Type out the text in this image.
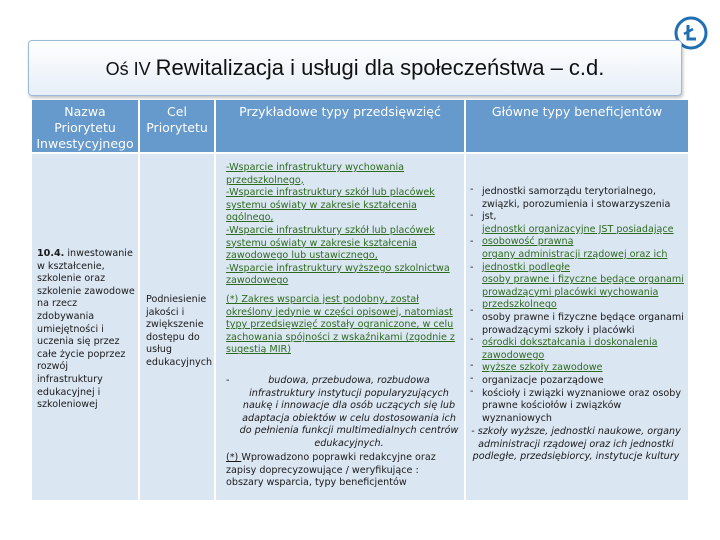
Oś IV Rewitalizacja i usługi dla społeczeństwa – c.d.
Nazwa Priorytetu Inwestycyjnego
Cel Priorytetu
Przykładowe typy przedsięwzięć	Główne typy beneficjentów
10.4. inwestowanie w kształcenie, szkolenie oraz szkolenie zawodowe na rzecz zdobywania umiejętności i uczenia się przez całe życie poprzez rozwój infrastruktury edukacyjnej i szkoleniowej
Podniesienie jakości i zwiększenie dostępu do usług edukacyjnych
-Wsparcie infrastruktury wychowania przedszkolnego,
-Wsparcie infrastruktury szkół lub placówek systemu oświaty w zakresie kształcenia ogólnego,
-Wsparcie infrastruktury szkół lub placówek systemu oświaty w zakresie kształcenia zawodowego lub ustawicznego,
-Wsparcie infrastruktury wyższego szkolnictwa zawodowego
(*) Zakres wsparcia jest podobny, został określony jedynie w części opisowej, natomiast typy przedsięwzięć zostały ograniczone, w celu zachowania spójności z wskaźnikami (zgodnie z sugestią MIR)
-	budowa, przebudowa, rozbudowa infrastruktury instytucji popularyzujących naukę i innowacje dla osób uczących się lub adaptacja obiektów w celu dostosowania ich do pełnienia funkcji multimedialnych centrów edukacyjnych.
(*) Wprowadzono poprawki redakcyjne oraz zapisy doprecyzowujące / weryfikujące : obszary wsparcia, typy beneficjentów
-
-
-
-
-
-
-
-
-
jednostki samorządu terytorialnego, związki, porozumienia i stowarzyszenia jst,
jednostki organizacyjne JST posiadające osobowość prawną
organy administracji rządowej oraz ich jednostki podległe
osoby prawne i fizyczne będące organami prowadzącymi placówki wychowania przedszkolnego
osoby prawne i fizyczne będące organami prowadzącymi szkoły i placówki
ośrodki dokształcania i doskonalenia zawodowego
wyższe szkoły zawodowe
organizacje pozarządowe
kościoły i związki wyznaniowe oraz osoby prawne kościołów i związków wyznaniowych
- szkoły wyższe, jednostki naukowe, organy administracji rządowej oraz ich jednostki podległe, przedsiębiorcy, instytucje kultury
